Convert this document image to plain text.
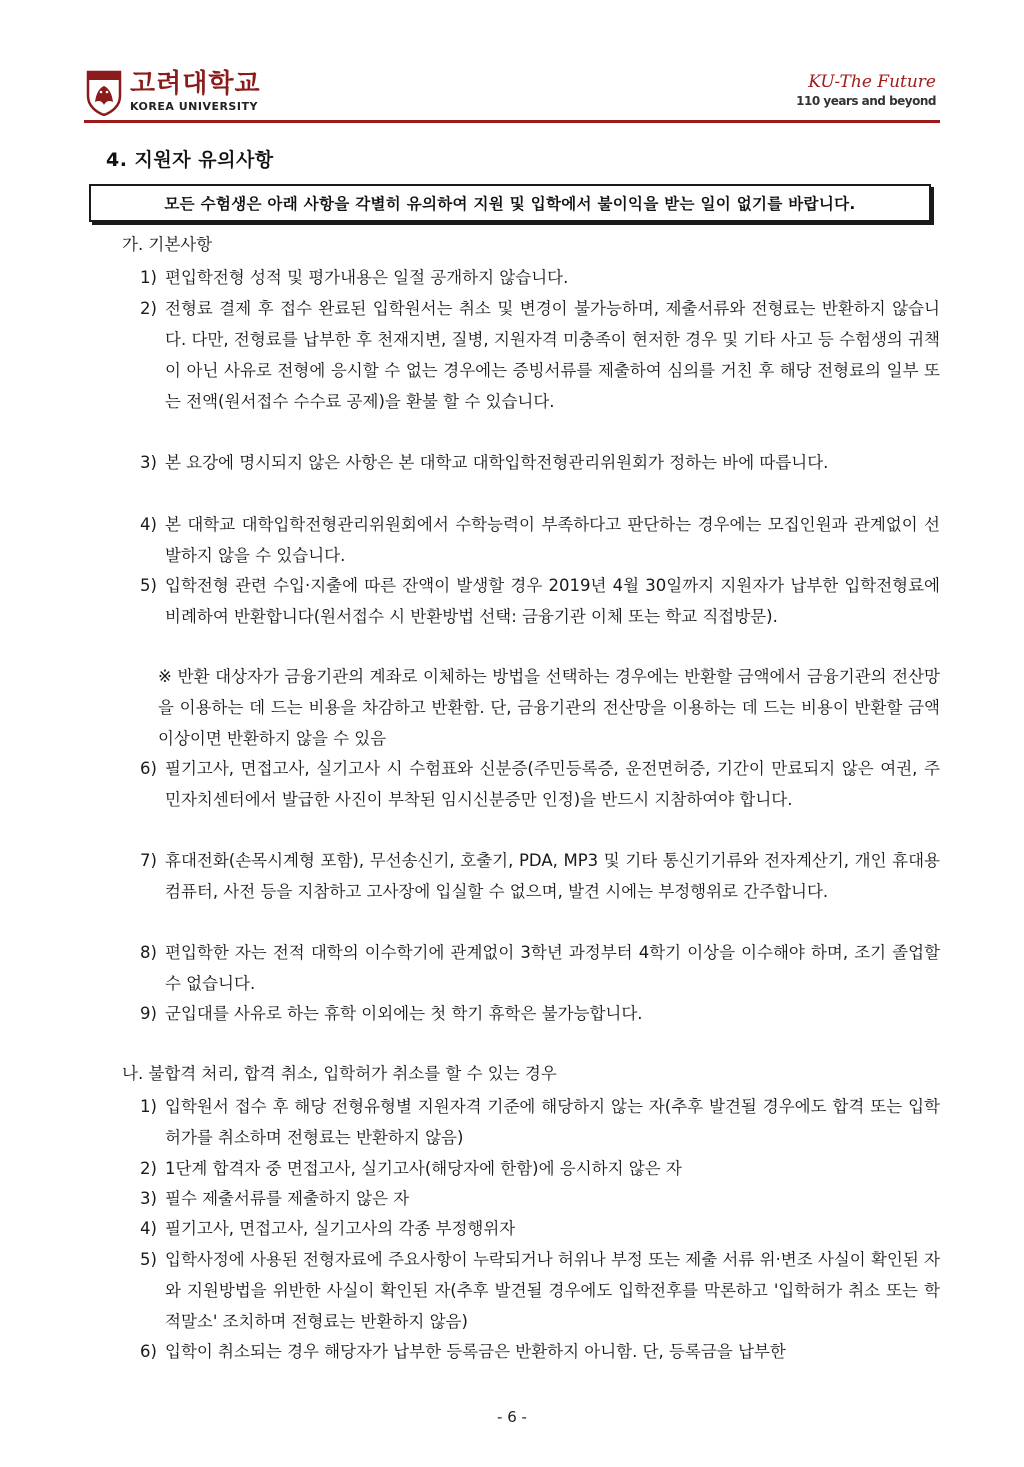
고려대학교
KOREA UNIVERSITY
KU-The Future
110 years and beyond
4. 지원자 유의사항
모든 수험생은 아래 사항을 각별히 유의하여 지원 및 입학에서 불이익을 받는 일이 없기를 바랍니다.
가. 기본사항
1) 편입학전형 성적 및 평가내용은 일절 공개하지 않습니다.
2) 전형료 결제 후 접수 완료된 입학원서는 취소 및 변경이 불가능하며, 제출서류와 전형료는 반환하지 않습니다. 다만, 전형료를 납부한 후 천재지변, 질병, 지원자격 미충족이 현저한 경우 및 기타 사고 등 수험생의 귀책이 아닌 사유로 전형에 응시할 수 없는 경우에는 증빙서류를 제출하여 심의를 거친 후 해당 전형료의 일부 또는 전액(원서접수 수수료 공제)을 환불 할 수 있습니다.
3) 본 요강에 명시되지 않은 사항은 본 대학교 대학입학전형관리위원회가 정하는 바에 따릅니다.
4) 본 대학교 대학입학전형관리위원회에서 수학능력이 부족하다고 판단하는 경우에는 모집인원과 관계없이 선발하지 않을 수 있습니다.
5) 입학전형 관련 수입·지출에 따른 잔액이 발생할 경우 2019년 4월 30일까지 지원자가 납부한 입학전형료에 비례하여 반환합니다(원서접수 시 반환방법 선택: 금융기관 이체 또는 학교 직접방문).
※ 반환 대상자가 금융기관의 계좌로 이체하는 방법을 선택하는 경우에는 반환할 금액에서 금융기관의 전산망을 이용하는 데 드는 비용을 차감하고 반환함. 단, 금융기관의 전산망을 이용하는 데 드는 비용이 반환할 금액 이상이면 반환하지 않을 수 있음
6) 필기고사, 면접고사, 실기고사 시 수험표와 신분증(주민등록증, 운전면허증, 기간이 만료되지 않은 여권, 주민자치센터에서 발급한 사진이 부착된 임시신분증만 인정)을 반드시 지참하여야 합니다.
7) 휴대전화(손목시계형 포함), 무선송신기, 호출기, PDA, MP3 및 기타 통신기기류와 전자계산기, 개인 휴대용 컴퓨터, 사전 등을 지참하고 고사장에 입실할 수 없으며, 발견 시에는 부정행위로 간주합니다.
8) 편입학한 자는 전적 대학의 이수학기에 관계없이 3학년 과정부터 4학기 이상을 이수해야 하며, 조기 졸업할 수 없습니다.
9) 군입대를 사유로 하는 휴학 이외에는 첫 학기 휴학은 불가능합니다.
나. 불합격 처리, 합격 취소, 입학허가 취소를 할 수 있는 경우
1) 입학원서 접수 후 해당 전형유형별 지원자격 기준에 해당하지 않는 자(추후 발견될 경우에도 합격 또는 입학허가를 취소하며 전형료는 반환하지 않음)
2) 1단계 합격자 중 면접고사, 실기고사(해당자에 한함)에 응시하지 않은 자
3) 필수 제출서류를 제출하지 않은 자
4) 필기고사, 면접고사, 실기고사의 각종 부정행위자
5) 입학사정에 사용된 전형자료에 주요사항이 누락되거나 허위나 부정 또는 제출 서류 위·변조 사실이 확인된 자와 지원방법을 위반한 사실이 확인된 자(추후 발견될 경우에도 입학전후를 막론하고 '입학허가 취소 또는 학적말소' 조치하며 전형료는 반환하지 않음)
6) 입학이 취소되는 경우 해당자가 납부한 등록금은 반환하지 아니함. 단, 등록금을 납부한
- 6 -
